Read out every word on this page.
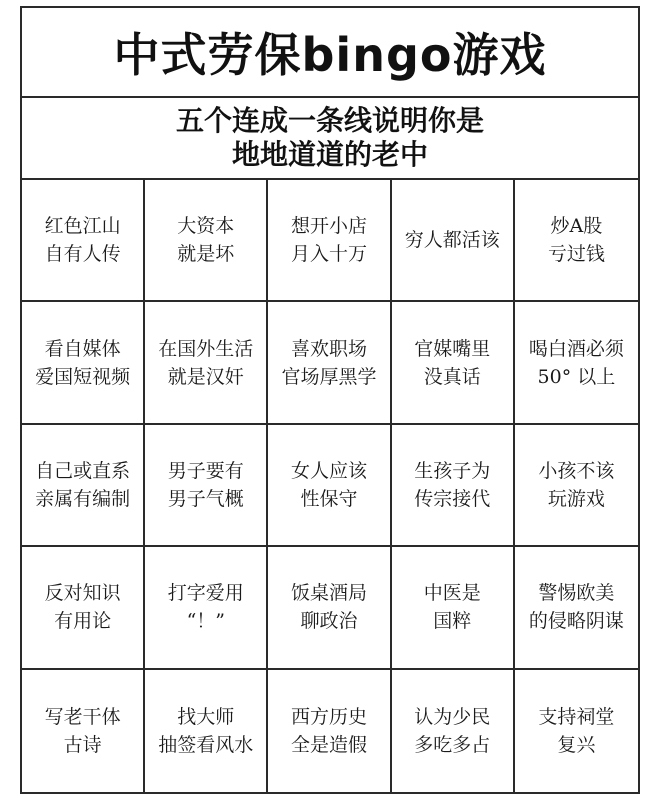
中式劳保bingo游戏
五个连成一条线说明你是
地地道道的老中
红色江山
自有人传
大资本
就是坏
想开小店
月入十万
穷人都活该
炒A股
亏过钱
看自媒体
爱国短视频
在国外生活
就是汉奸
喜欢职场
官场厚黑学
官媒嘴里
没真话
喝白酒必须
50° 以上
自己或直系
亲属有编制
男子要有
男子气概
女人应该
性保守
生孩子为
传宗接代
小孩不该
玩游戏
反对知识
有用论
打字爱用
“！”
饭桌酒局
聊政治
中医是
国粹
警惕欧美
的侵略阴谋
写老干体
古诗
找大师
抽签看风水
西方历史
全是造假
认为少民
多吃多占
支持祠堂
复兴
